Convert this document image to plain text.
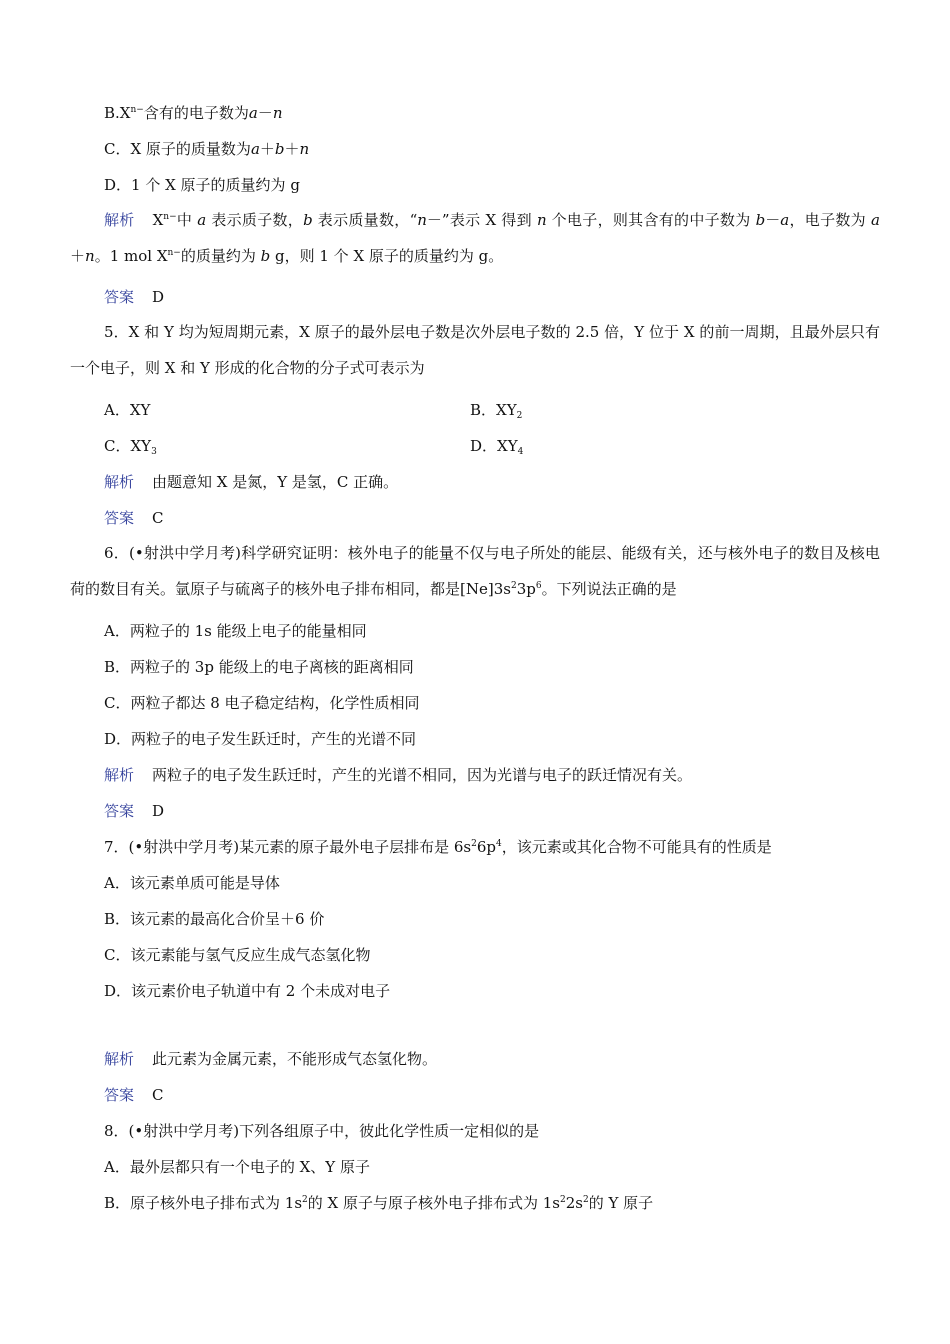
$B.X^{n-}$含有的电子数为a－n
C．X 原子的质量数为a＋b＋n
D．1 个 X 原子的质量约为 g
解析 $X^{n-}$中 a 表示质子数，b 表示质量数，“n－”表示 X 得到 n 个电子，则其含有的中子数为 b－a，电子数为 a＋n。1 mol $X^{n-}$的质量约为 b g，则 1 个 X 原子的质量约为 g。
答案 D
5．X 和 Y 均为短周期元素，X 原子的最外层电子数是次外层电子数的 2.5 倍，Y 位于 X 的前一周期，且最外层只有一个电子，则 X 和 Y 形成的化合物的分子式可表示为
A．XY	B．$XY_2$
C．$XY_3$	D．$XY_4$
解析 由题意知 X 是氮，Y 是氢，C 正确。
答案 C
6．(•射洪中学月考)科学研究证明：核外电子的能量不仅与电子所处的能层、能级有关，还与核外电子的数目及核电荷的数目有关。氩原子与硫离子的核外电子排布相同，都是$[Ne]3s^23p^6$。下列说法正确的是
A．两粒子的 1s 能级上电子的能量相同
B．两粒子的 3p 能级上的电子离核的距离相同
C．两粒子都达 8 电子稳定结构，化学性质相同
D．两粒子的电子发生跃迁时，产生的光谱不同
解析 两粒子的电子发生跃迁时，产生的光谱不相同，因为光谱与电子的跃迁情况有关。
答案 D
7．(•射洪中学月考)某元素的原子最外电子层排布是 $6s^26p^4$，该元素或其化合物不可能具有的性质是
A．该元素单质可能是导体
B．该元素的最高化合价呈＋6 价
C．该元素能与氢气反应生成气态氢化物
D．该元素价电子轨道中有 2 个未成对电子
解析 此元素为金属元素，不能形成气态氢化物。
答案 C
8．(•射洪中学月考)下列各组原子中，彼此化学性质一定相似的是
A．最外层都只有一个电子的 X、Y 原子
B．原子核外电子排布式为 $1s^2$的 X 原子与原子核外电子排布式为 $1s^22s^2$的 Y 原子
